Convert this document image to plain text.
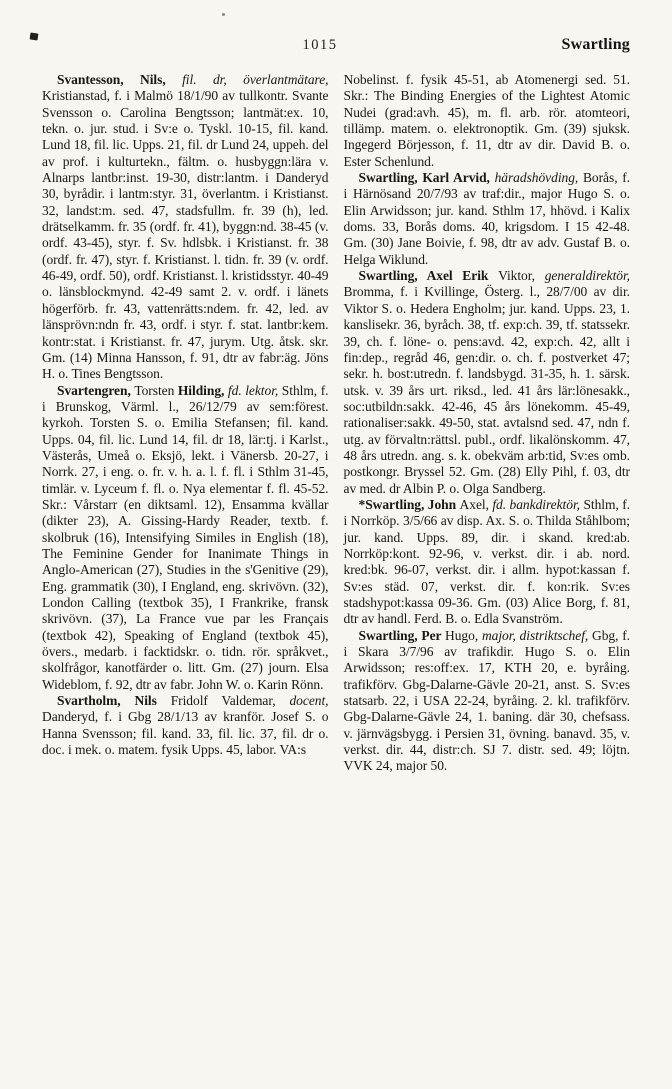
1015	Swartling

Svantesson, Nils, fil. dr, överlantmätare, Kristianstad, f. i Malmö 18/1/90 av tullkontr. Svante Svensson o. Carolina Bengtsson; lantmät:ex. 10, tekn. o. jur. stud. i Sv:e o. Tyskl. 10-15, fil. kand. Lund 18, fil. lic. Upps. 21, fil. dr Lund 24, uppeh. del av prof. i kulturtekn., fältm. o. husbyggn:lära v. Alnarps lantbr:inst. 19-30, distr:lantm. i Danderyd 30, byrådir. i lantm:styr. 31, överlantm. i Kristianst. 32, landst:m. sed. 47, stadsfullm. fr. 39 (h), led. drätselkamm. fr. 35 (ordf. fr. 41), byggn:nd. 38-45 (v. ordf. 43-45), styr. f. Sv. hdlsbk. i Kristianst. fr. 38 (ordf. fr. 47), styr. f. Kristianst. l. tidn. fr. 39 (v. ordf. 46-49, ordf. 50), ordf. Kristianst. l. kristidsstyr. 40-49 o. länsblockmynd. 42-49 samt 2. v. ordf. i länets högerförb. fr. 43, vattenrätts:ndem. fr. 42, led. av länsprövn:ndn fr. 43, ordf. i styr. f. stat. lantbr:kem. kontr:stat. i Kristianst. fr. 47, jurym. Utg. åtsk. skr. Gm. (14) Minna Hansson, f. 91, dtr av fabr:äg. Jöns H. o. Tines Bengtsson.

Svartengren, Torsten Hilding, fd. lektor, Sthlm, f. i Brunskog, Värml. l., 26/12/79 av sem:förest. kyrkoh. Torsten S. o. Emilia Stefansen; fil. kand. Upps. 04, fil. lic. Lund 14, fil. dr 18, lär:tj. i Karlst., Västerås, Umeå o. Eksjö, lekt. i Vänersb. 20-27, i Norrk. 27, i eng. o. fr. v. h. a. l. f. fl. i Sthlm 31-45, timlär. v. Lyceum f. fl. o. Nya elementar f. fl. 45-52. Skr.: Vårstarr (en diktsaml. 12), Ensamma kvällar (dikter 23), A. Gissing-Hardy Reader, textb. f. skolbruk (16), Intensifying Similes in English (18), The Feminine Gender for Inanimate Things in Anglo-American (27), Studies in the s'Genitive (29), Eng. grammatik (30), I England, eng. skrivövn. (32), London Calling (textbok 35), I Frankrike, fransk skrivövn. (37), La France vue par les Français (textbok 42), Speaking of England (textbok 45), övers., medarb. i facktidskr. o. tidn. rör. språkvet., skolfrågor, kanotfärder o. litt. Gm. (27) journ. Elsa Wideblom, f. 92, dtr av fabr. John W. o. Karin Rönn.

Svartholm, Nils Fridolf Valdemar, docent, Danderyd, f. i Gbg 28/1/13 av kranför. Josef S. o Hanna Svensson; fil. kand. 33, fil. lic. 37, fil. dr o. doc. i mek. o. matem. fysik Upps. 45, labor. VA:s

Nobelinst. f. fysik 45-51, ab Atomenergi sed. 51. Skr.: The Binding Energies of the Lightest Atomic Nudei (grad:avh. 45), m. fl. arb. rör. atomteori, tillämp. matem. o. elektronoptik. Gm. (39) sjuksk. Ingegerd Börjesson, f. 11, dtr av dir. David B. o. Ester Schenlund.

Swartling, Karl Arvid, häradshövding, Borås, f. i Härnösand 20/7/93 av traf:dir., major Hugo S. o. Elin Arwidsson; jur. kand. Sthlm 17, hhövd. i Kalix doms. 33, Borås doms. 40, krigsdom. I 15 42-48. Gm. (30) Jane Boivie, f. 98, dtr av adv. Gustaf B. o. Helga Wiklund.

Swartling, Axel Erik Viktor, generaldirektör, Bromma, f. i Kvillinge, Österg. l., 28/7/00 av dir. Viktor S. o. Hedera Engholm; jur. kand. Upps. 23, 1. kanslisekr. 36, byråch. 38, tf. exp:ch. 39, tf. statssekr. 39, ch. f. löne- o. pens:avd. 42, exp:ch. 42, allt i fin:dep., regråd 46, gen:dir. o. ch. f. postverket 47; sekr. h. bost:utredn. f. landsbygd. 31-35, h. 1. särsk. utsk. v. 39 års urt. riksd., led. 41 års lär:lönesakk., soc:utbildn:sakk. 42-46, 45 års lönekomm. 45-49, rationaliser:sakk. 49-50, stat. avtalsnd sed. 47, ndn f. utg. av förvaltn:rättsl. publ., ordf. likalönskomm. 47, 48 års utredn. ang. s. k. obekväm arb:tid, Sv:es omb. postkongr. Bryssel 52. Gm. (28) Elly Pihl, f. 03, dtr av med. dr Albin P. o. Olga Sandberg.

*Swartling, John Axel, fd. bankdirektör, Sthlm, f. i Norrköp. 3/5/66 av disp. Ax. S. o. Thilda Ståhlbom; jur. kand. Upps. 89, dir. i skand. kred:ab. Norrköp:kont. 92-96, v. verkst. dir. i ab. nord. kred:bk. 96-07, verkst. dir. i allm. hypot:kassan f. Sv:es städ. 07, verkst. dir. f. kon:rik. Sv:es stadshypot:kassa 09-36. Gm. (03) Alice Borg, f. 81, dtr av handl. Ferd. B. o. Edla Svanström.

Swartling, Per Hugo, major, distriktschef, Gbg, f. i Skara 3/7/96 av trafikdir. Hugo S. o. Elin Arwidsson; res:off:ex. 17, KTH 20, e. byråing. trafikförv. Gbg-Dalarne-Gävle 20-21, anst. S. Sv:es statsarb. 22, i USA 22-24, byråing. 2. kl. trafikförv. Gbg-Dalarne-Gävle 24, 1. baning. där 30, chefsass. v. järnvägsbygg. i Persien 31, övning. banavd. 35, v. verkst. dir. 44, distr:ch. SJ 7. distr. sed. 49; löjtn. VVK 24, major 50.
